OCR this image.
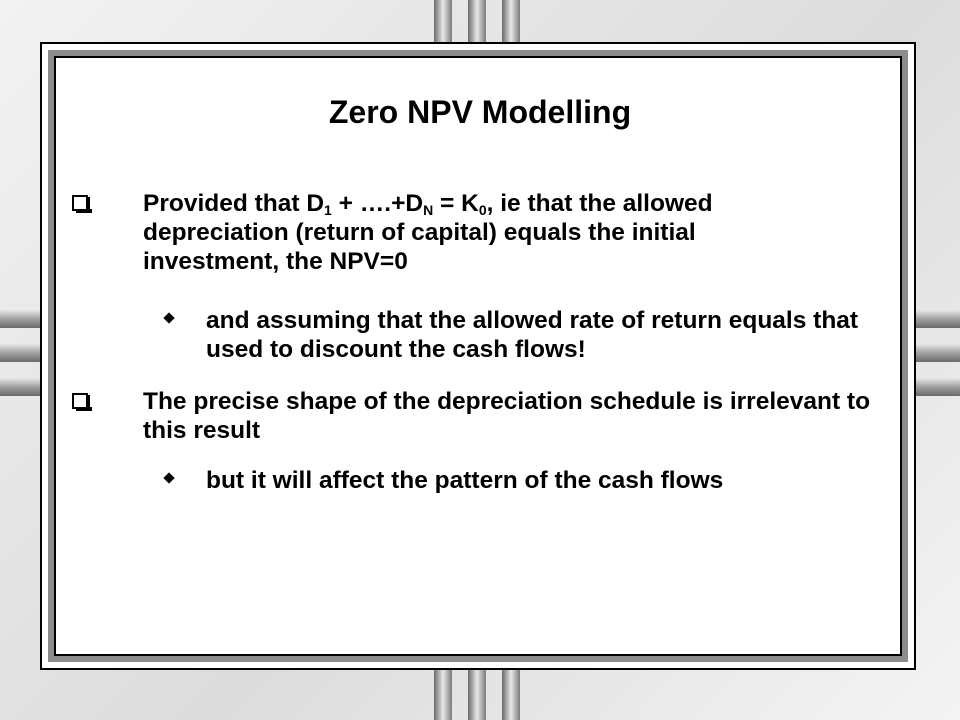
Zero NPV Modelling
Provided that $D_1$ + $\dots.+D_N = K_0$, ie that the allowed depreciation (return of capital) equals the initial investment, the NPV=0
and assuming that the allowed rate of return equals that used to discount the cash flows!
The precise shape of the depreciation schedule is irrelevant to this result
but it will affect the pattern of the cash flows
